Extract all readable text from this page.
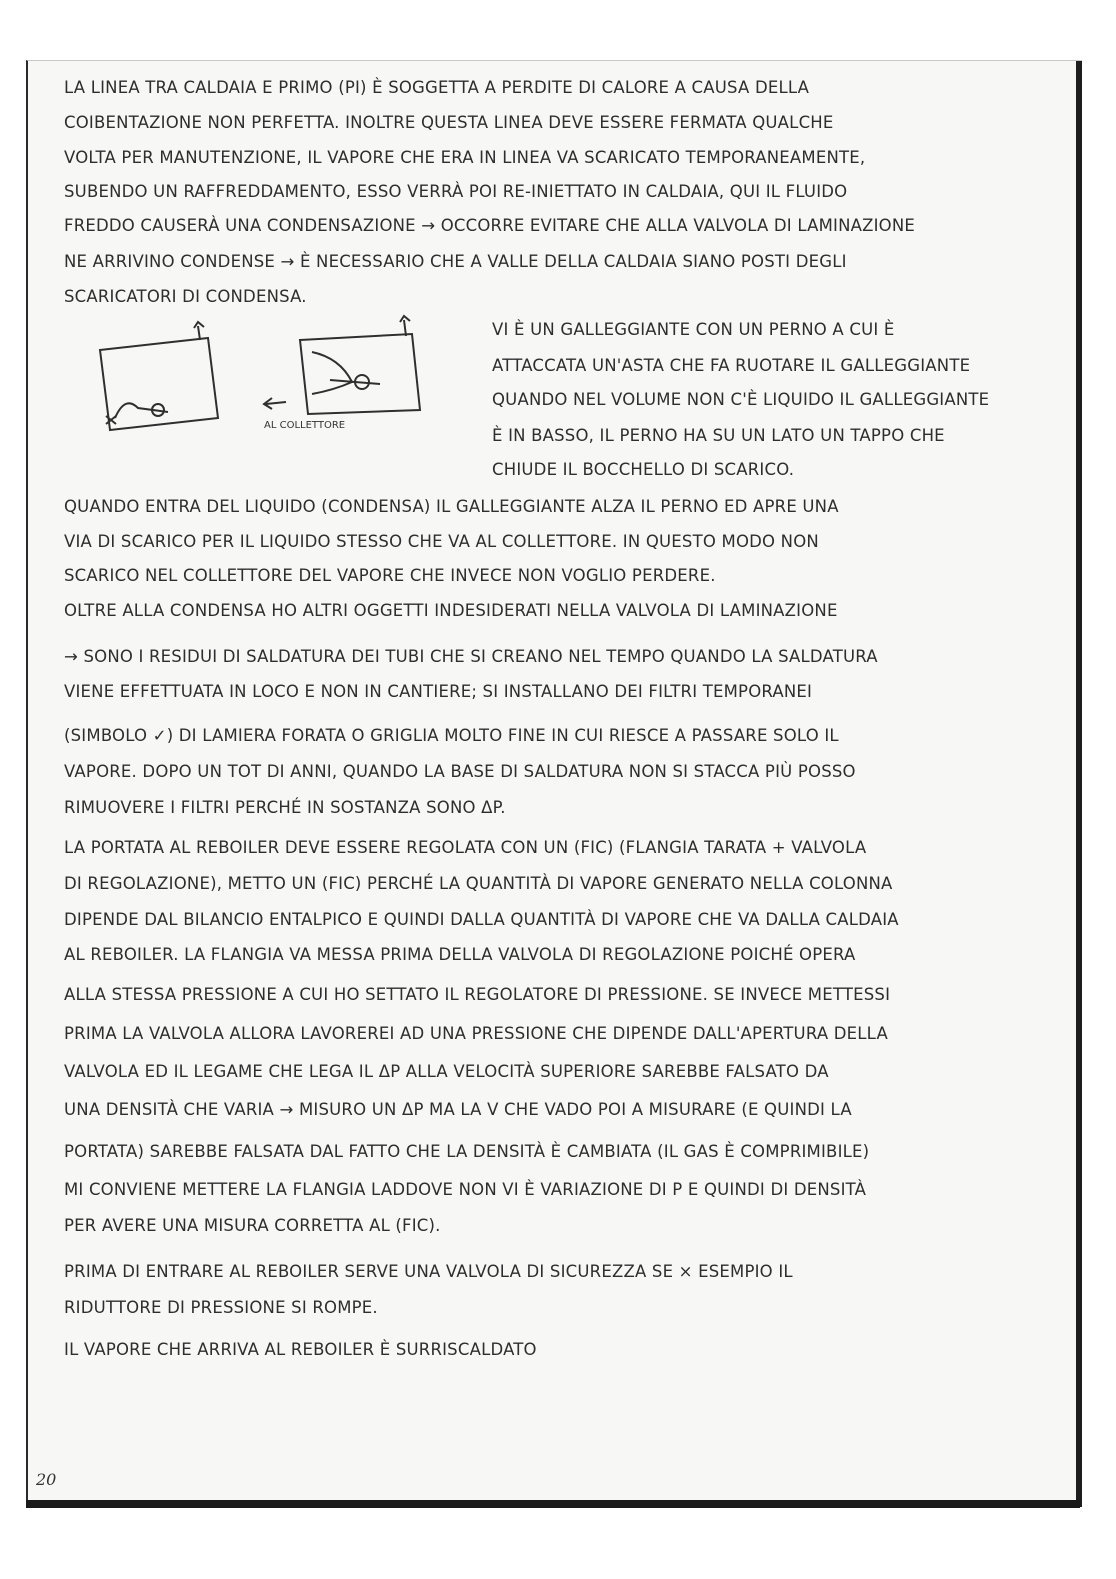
LA LINEA TRA CALDAIA E PRIMO (PI) È SOGGETTA A PERDITE DI CALORE A CAUSA DELLA

COIBENTAZIONE NON PERFETTA. INOLTRE QUESTA LINEA DEVE ESSERE FERMATA QUALCHE

VOLTA PER MANUTENZIONE, IL VAPORE CHE ERA IN LINEA VA SCARICATO TEMPORANEAMENTE,

SUBENDO UN RAFFREDDAMENTO, ESSO VERRÀ POI RE-INIETTATO IN CALDAIA, QUI IL FLUIDO

FREDDO CAUSERÀ UNA CONDENSAZIONE → OCCORRE EVITARE CHE ALLA VALVOLA DI LAMINAZIONE

NE ARRIVINO CONDENSE → È NECESSARIO CHE A VALLE DELLA CALDAIA SIANO POSTI DEGLI

SCARICATORI DI CONDENSA.

AL COLLETTORE

VI È UN GALLEGGIANTE CON UN PERNO A CUI È

ATTACCATA UN'ASTA CHE FA RUOTARE IL GALLEGGIANTE

QUANDO NEL VOLUME NON C'È LIQUIDO IL GALLEGGIANTE

È IN BASSO, IL PERNO HA SU UN LATO UN TAPPO CHE

CHIUDE IL BOCCHELLO DI SCARICO.

QUANDO ENTRA DEL LIQUIDO (CONDENSA) IL GALLEGGIANTE ALZA IL PERNO ED APRE UNA

VIA DI SCARICO PER IL LIQUIDO STESSO CHE VA AL COLLETTORE. IN QUESTO MODO NON

SCARICO NEL COLLETTORE DEL VAPORE CHE INVECE NON VOGLIO PERDERE.

OLTRE ALLA CONDENSA HO ALTRI OGGETTI INDESIDERATI NELLA VALVOLA DI LAMINAZIONE

→ SONO I RESIDUI DI SALDATURA DEI TUBI CHE SI CREANO NEL TEMPO QUANDO LA SALDATURA

VIENE EFFETTUATA IN LOCO E NON IN CANTIERE; SI INSTALLANO DEI FILTRI TEMPORANEI

(SIMBOLO ✓) DI LAMIERA FORATA O GRIGLIA MOLTO FINE IN CUI RIESCE A PASSARE SOLO IL

VAPORE. DOPO UN TOT DI ANNI, QUANDO LA BASE DI SALDATURA NON SI STACCA PIÙ POSSO

RIMUOVERE I FILTRI PERCHÉ IN SOSTANZA SONO ΔP.

LA PORTATA AL REBOILER DEVE ESSERE REGOLATA CON UN (FIC) (FLANGIA TARATA + VALVOLA

DI REGOLAZIONE), METTO UN (FIC) PERCHÉ LA QUANTITÀ DI VAPORE GENERATO NELLA COLONNA

DIPENDE DAL BILANCIO ENTALPICO E QUINDI DALLA QUANTITÀ DI VAPORE CHE VA DALLA CALDAIA

AL REBOILER. LA FLANGIA VA MESSA PRIMA DELLA VALVOLA DI REGOLAZIONE POICHÉ OPERA

ALLA STESSA PRESSIONE A CUI HO SETTATO IL REGOLATORE DI PRESSIONE. SE INVECE METTESSI

PRIMA LA VALVOLA ALLORA LAVOREREI AD UNA PRESSIONE CHE DIPENDE DALL'APERTURA DELLA

VALVOLA ED IL LEGAME CHE LEGA IL ΔP ALLA VELOCITÀ SUPERIORE SAREBBE FALSATO DA

UNA DENSITÀ CHE VARIA → MISURO UN ΔP MA LA V CHE VADO POI A MISURARE (E QUINDI LA

PORTATA) SAREBBE FALSATA DAL FATTO CHE LA DENSITÀ È CAMBIATA (IL GAS È COMPRIMIBILE)

MI CONVIENE METTERE LA FLANGIA LADDOVE NON VI È VARIAZIONE DI P E QUINDI DI DENSITÀ

PER AVERE UNA MISURA CORRETTA AL (FIC).

PRIMA DI ENTRARE AL REBOILER SERVE UNA VALVOLA DI SICUREZZA SE × ESEMPIO IL

RIDUTTORE DI PRESSIONE SI ROMPE.

IL VAPORE CHE ARRIVA AL REBOILER È SURRISCALDATO

20
